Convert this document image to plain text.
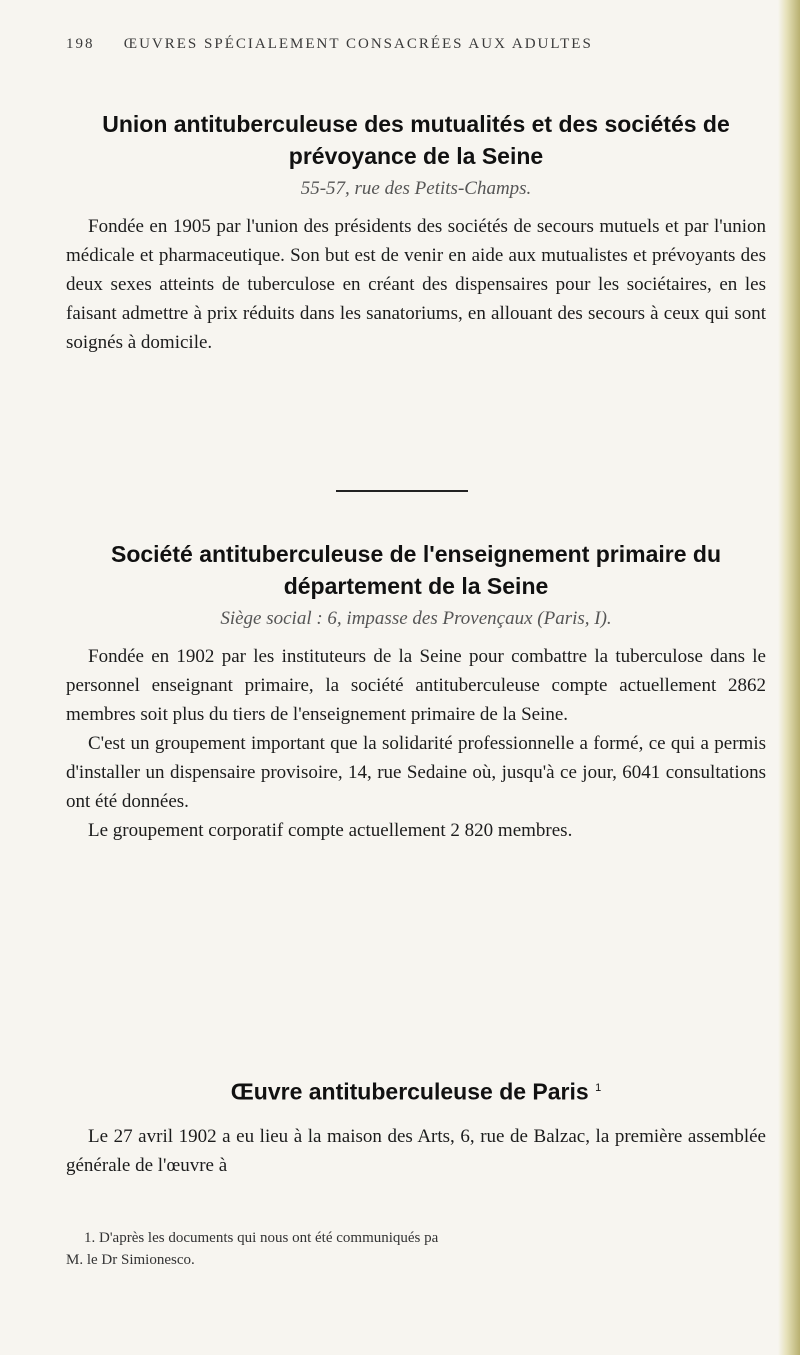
198 ŒUVRES SPÉCIALEMENT CONSACRÉES AUX ADULTES
Union antituberculeuse des mutualités et des sociétés de prévoyance de la Seine

55-57, rue des Petits-Champs.

Fondée en 1905 par l'union des présidents des sociétés de secours mutuels et par l'union médicale et pharmaceutique. Son but est de venir en aide aux mutualistes et prévoyants des deux sexes atteints de tuberculose en créant des dispensaires pour les sociétaires, en les faisant admettre à prix réduits dans les sanatoriums, en allouant des secours à ceux qui sont soignés à domicile.

Société antituberculeuse de l'enseignement primaire du département de la Seine

Siège social : 6, impasse des Provençaux (Paris, I).

Fondée en 1902 par les instituteurs de la Seine pour combattre la tuberculose dans le personnel enseignant primaire, la société antituberculeuse compte actuellement 2862 membres soit plus du tiers de l'enseignement primaire de la Seine.

C'est un groupement important que la solidarité professionnelle a formé, ce qui a permis d'installer un dispensaire provisoire, 14, rue Sedaine où, jusqu'à ce jour, 6041 consultations ont été données.

Le groupement corporatif compte actuellement 2 820 membres.

Œuvre antituberculeuse de Paris $^1$

Le 27 avril 1902 a eu lieu à la maison des Arts, 6, rue de Balzac, la première assemblée générale de l'œuvre à

1. D'après les documents qui nous ont été communiqués pa

M. le Dr Simionesco.
